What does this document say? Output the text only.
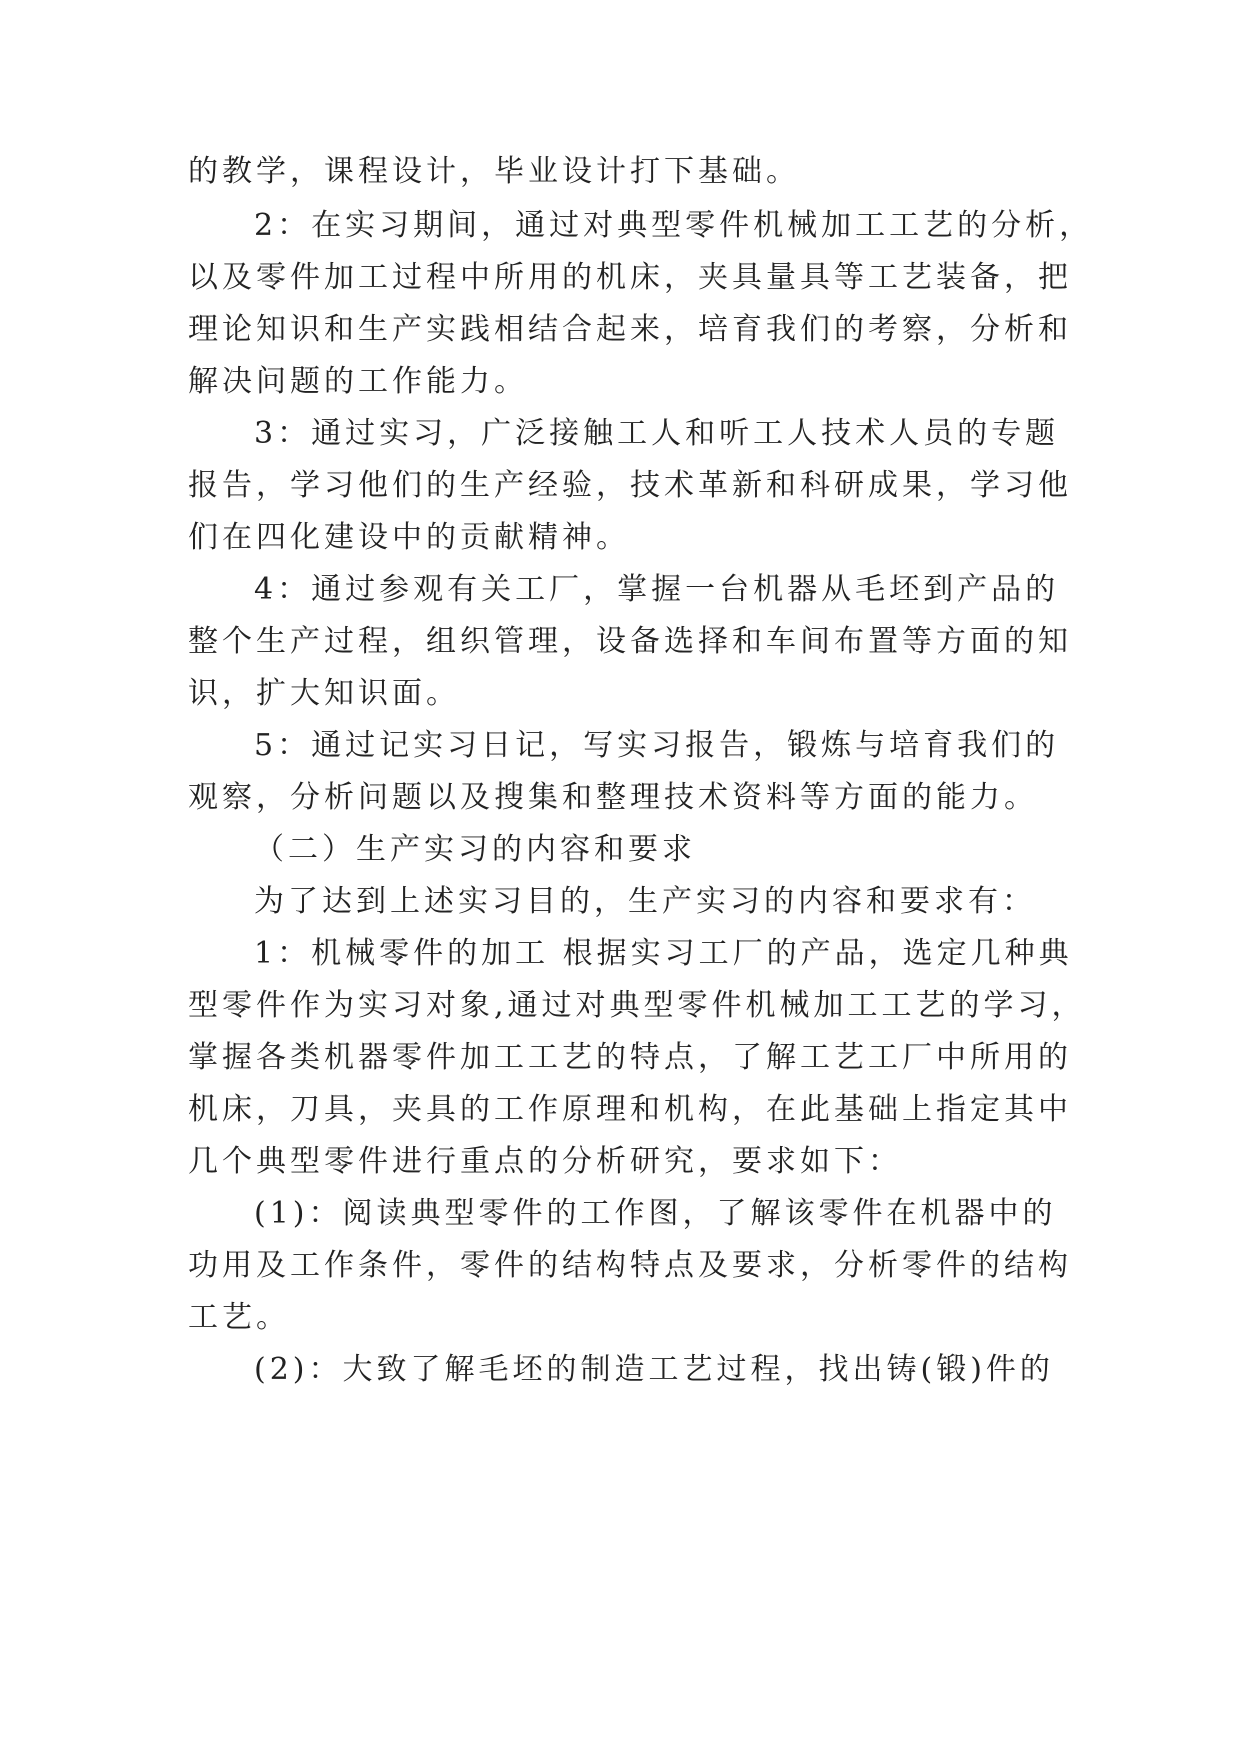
的教学，课程设计，毕业设计打下基础。
2：在实习期间，通过对典型零件机械加工工艺的分析，
以及零件加工过程中所用的机床，夹具量具等工艺装备，把
理论知识和生产实践相结合起来，培育我们的考察，分析和
解决问题的工作能力。
3：通过实习，广泛接触工人和听工人技术人员的专题
报告，学习他们的生产经验，技术革新和科研成果，学习他
们在四化建设中的贡献精神。
4：通过参观有关工厂，掌握一台机器从毛坯到产品的
整个生产过程，组织管理，设备选择和车间布置等方面的知
识，扩大知识面。
5：通过记实习日记，写实习报告，锻炼与培育我们的
观察，分析问题以及搜集和整理技术资料等方面的能力。
（二）生产实习的内容和要求
为了达到上述实习目的，生产实习的内容和要求有：
1：机械零件的加工 根据实习工厂的产品，选定几种典
型零件作为实习对象,通过对典型零件机械加工工艺的学习，
掌握各类机器零件加工工艺的特点，了解工艺工厂中所用的
机床，刀具，夹具的工作原理和机构，在此基础上指定其中
几个典型零件进行重点的分析研究，要求如下：
(1)：阅读典型零件的工作图，了解该零件在机器中的
功用及工作条件，零件的结构特点及要求，分析零件的结构
工艺。
(2)：大致了解毛坯的制造工艺过程，找出铸(锻)件的
